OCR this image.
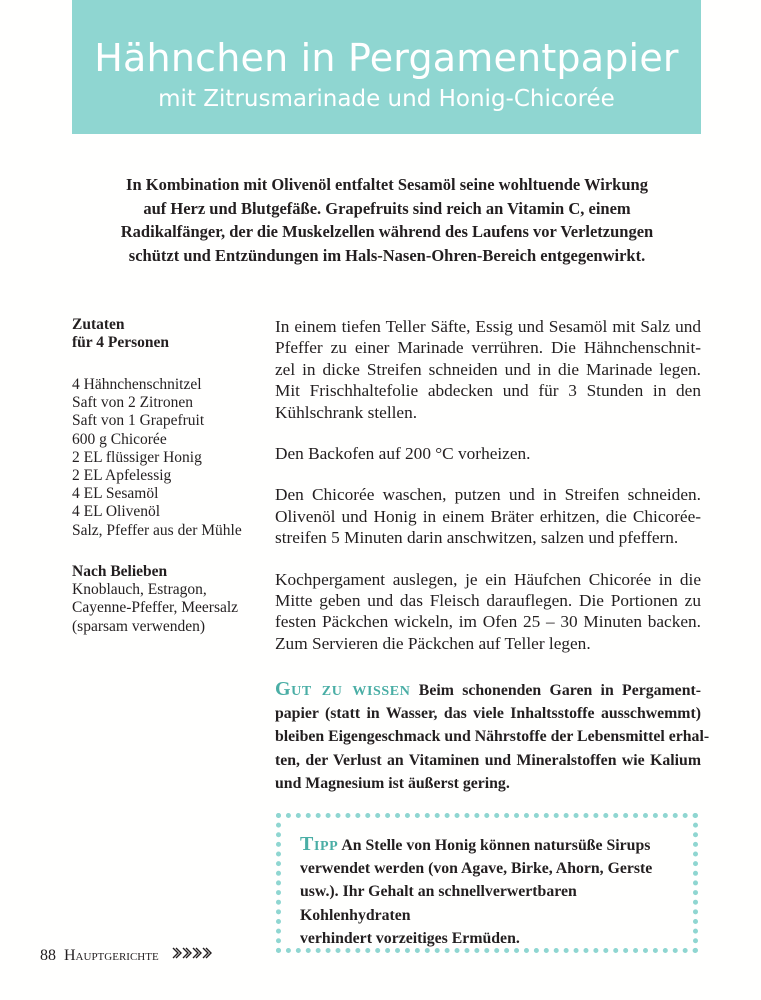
Hähnchen in Pergamentpapier
mit Zitrusmarinade und Honig-Chicorée
In Kombination mit Olivenöl entfaltet Sesamöl seine wohltuende Wirkung
auf Herz und Blutgefäße. Grapefruits sind reich an Vitamin C, einem
Radikalfänger, der die Muskelzellen während des Laufens vor Verletzungen
schützt und Entzündungen im Hals-Nasen-Ohren-Bereich entgegenwirkt.
Zutaten
für 4 Personen
4 Hähnchenschnitzel
Saft von 2 Zitronen
Saft von 1 Grapefruit
600 g Chicorée
2 EL flüssiger Honig
2 EL Apfelessig
4 EL Sesamöl
4 EL Olivenöl
Salz, Pfeffer aus der Mühle
Nach Belieben
Knoblauch, Estragon,
Cayenne-Pfeffer, Meersalz
(sparsam verwenden)

In einem tiefen Teller Säfte, Essig und Sesamöl mit Salz und
Pfeffer zu einer Marinade verrühren. Die Hähnchenschnit-
zel in dicke Streifen schneiden und in die Marinade legen.
Mit Frischhaltefolie abdecken und für 3 Stunden in den
Kühlschrank stellen.

Den Backofen auf 200 °C vorheizen.

Den Chicorée waschen, putzen und in Streifen schneiden.
Olivenöl und Honig in einem Bräter erhitzen, die Chicorée-
streifen 5 Minuten darin anschwitzen, salzen und pfeffern.

Kochpergament auslegen, je ein Häufchen Chicorée in die
Mitte geben und das Fleisch darauflegen. Die Portionen zu
festen Päckchen wickeln, im Ofen 25 – 30 Minuten backen.
Zum Servieren die Päckchen auf Teller legen.

Gut zu wissen Beim schonenden Garen in Pergament-
papier (statt in Wasser, das viele Inhaltsstoffe ausschwemmt)
bleiben Eigengeschmack und Nährstoffe der Lebensmittel erhal-
ten, der Verlust an Vitaminen und Mineralstoffen wie Kalium
und Magnesium ist äußerst gering.
Tipp An Stelle von Honig können natursüße Sirups
verwendet werden (von Agave, Birke, Ahorn, Gerste
usw.). Ihr Gehalt an schnellverwertbaren Kohlenhydraten
verhindert vorzeitiges Ermüden.
88 Hauptgerichte
